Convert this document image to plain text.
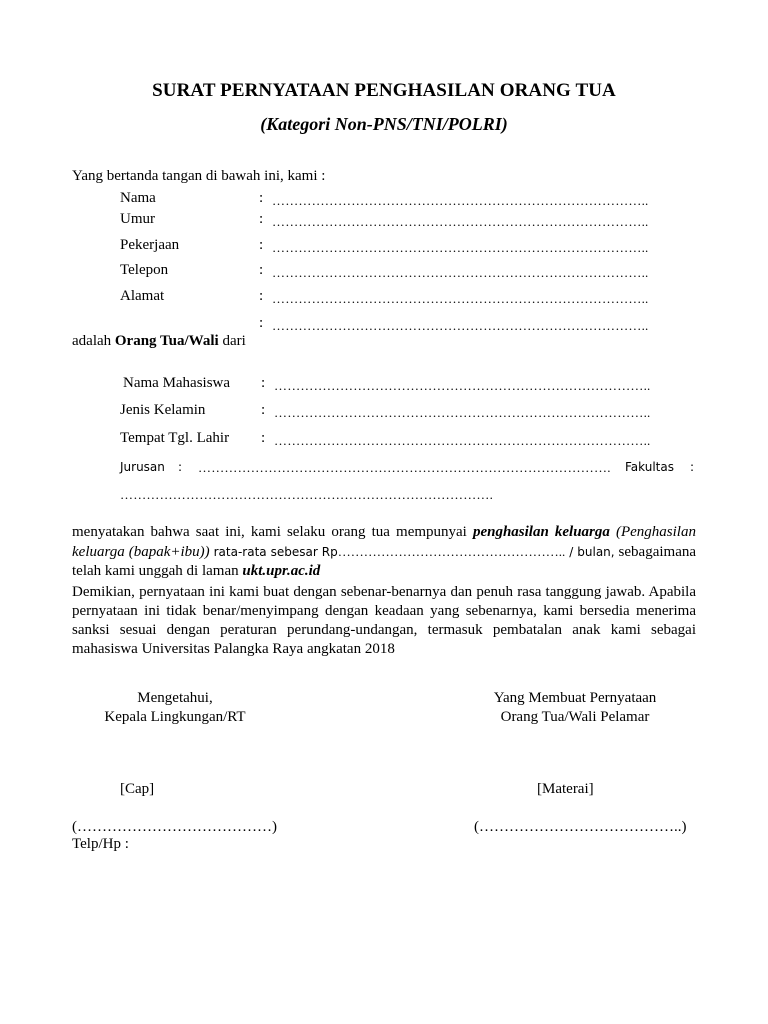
SURAT PERNYATAAN PENGHASILAN ORANG TUA
(Kategori Non-PNS/TNI/POLRI)
Yang bertanda tangan di bawah ini, kami :
Nama	: …………………………………………………………………………..
Umur	: …………………………………………………………………………..
Pekerjaan	: …………………………………………………………………………..
Telepon	: …………………………………………………………………………..
Alamat	: …………………………………………………………………………..
: …………………………………………………………………………..
adalah Orang Tua/Wali dari
Nama Mahasiswa : …………………………………………………………………………..
Jenis Kelamin	: …………………………………………………………………………..
Tempat Tgl. Lahir : …………………………………………………………………………..
Jurusan : ………………………………………………………………………………….	Fakultas :
………………………………………………………………………….
menyatakan bahwa saat ini, kami selaku orang tua mempunyai penghasilan keluarga (Penghasilan keluarga (bapak+ibu)) rata-rata sebesar Rp…………………………………………….. / bulan, sebagaimana telah kami unggah di laman ukt.upr.ac.id
Demikian, pernyataan ini kami buat dengan sebenar-benarnya dan penuh rasa tanggung jawab. Apabila pernyataan ini tidak benar/menyimpang dengan keadaan yang sebenarnya, kami bersedia menerima sanksi sesuai dengan peraturan perundang-undangan, termasuk pembatalan anak kami sebagai mahasiswa Universitas Palangka Raya angkatan 2018
Mengetahui,
Kepala Lingkungan/RT
[Cap]
(…………………………………)
Telp/Hp :
Yang Membuat Pernyataan
Orang Tua/Wali Pelamar
[Materai]
(…………………………………..)
